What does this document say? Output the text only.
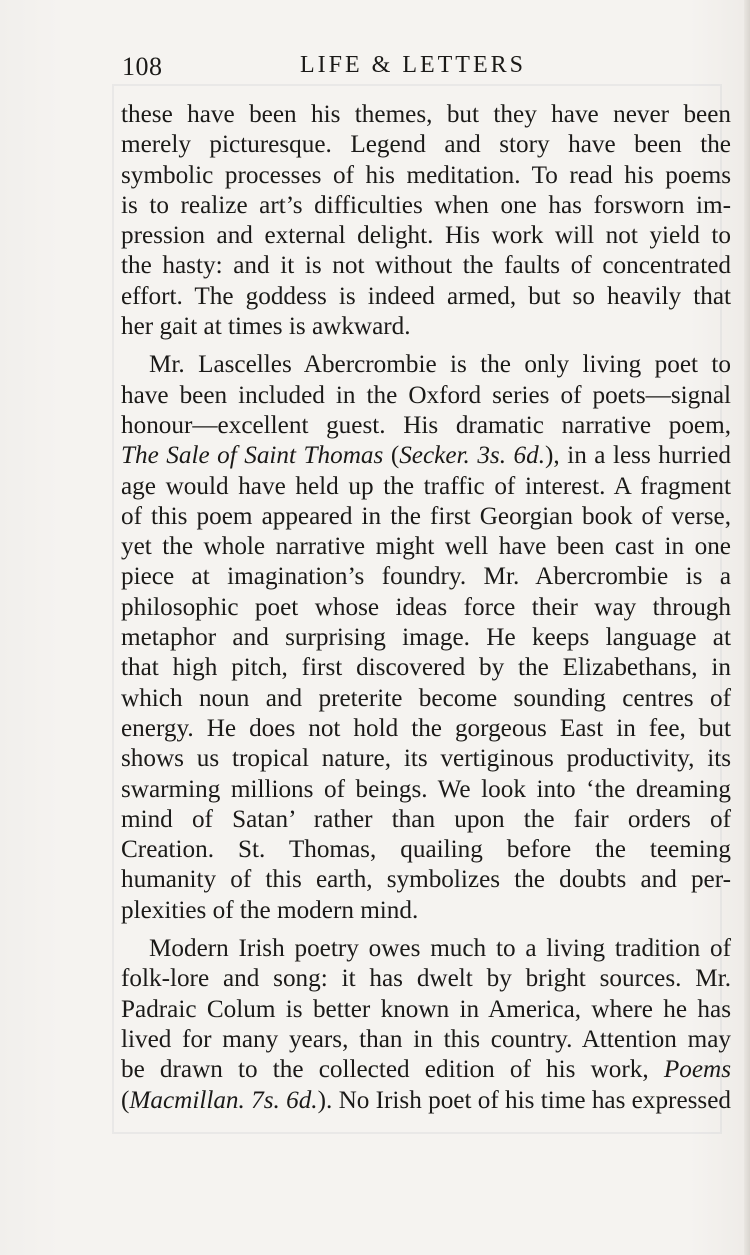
108	LIFE & LETTERS

these have been his themes, but they have never been

merely picturesque. Legend and story have been the

symbolic processes of his meditation. To read his poems

is to realize art’s difficulties when one has forsworn im-

pression and external delight. His work will not yield to

the hasty: and it is not without the faults of concentrated

effort. The goddess is indeed armed, but so heavily that

her gait at times is awkward.

Mr. Lascelles Abercrombie is the only living poet to

have been included in the Oxford series of poets—signal

honour—excellent guest. His dramatic narrative poem,

The Sale of Saint Thomas (Secker. 3s. 6d.), in a less hurried

age would have held up the traffic of interest. A fragment

of this poem appeared in the first Georgian book of verse,

yet the whole narrative might well have been cast in one

piece at imagination’s foundry. Mr. Abercrombie is a

philosophic poet whose ideas force their way through

metaphor and surprising image. He keeps language at

that high pitch, first discovered by the Elizabethans, in

which noun and preterite become sounding centres of

energy. He does not hold the gorgeous East in fee, but

shows us tropical nature, its vertiginous productivity, its

swarming millions of beings. We look into ‘the dreaming

mind of Satan’ rather than upon the fair orders of

Creation. St. Thomas, quailing before the teeming

humanity of this earth, symbolizes the doubts and per-

plexities of the modern mind.

Modern Irish poetry owes much to a living tradition of

folk-lore and song: it has dwelt by bright sources. Mr.

Padraic Colum is better known in America, where he has

lived for many years, than in this country. Attention may

be drawn to the collected edition of his work, Poems

(Macmillan. 7s. 6d.). No Irish poet of his time has expressed
